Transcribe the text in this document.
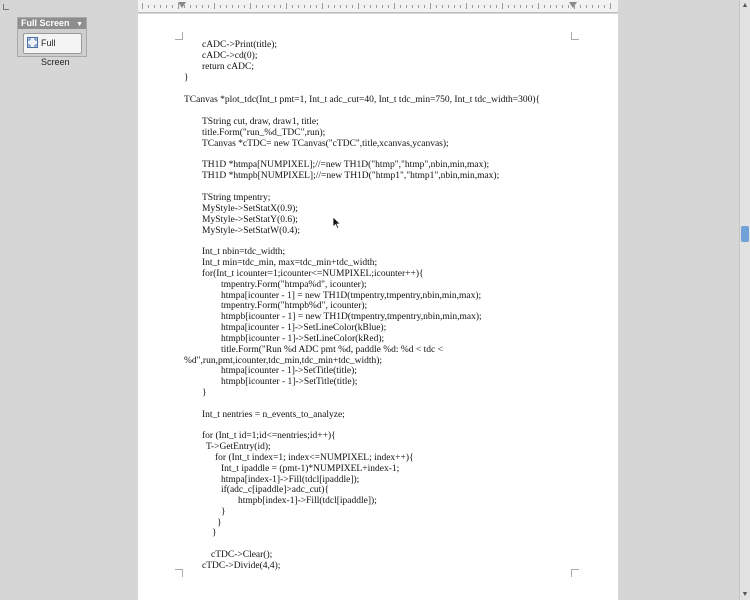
Full Screen ▼
Full Screen
cADC->Print(title);
cADC->cd(0);
return cADC;
}
TCanvas *plot_tdc(Int_t pmt=1, Int_t adc_cut=40, Int_t tdc_min=750, Int_t tdc_width=300){
TString cut, draw, draw1, title;
title.Form("run_%d_TDC",run);
TCanvas *cTDC= new TCanvas("cTDC",title,xcanvas,ycanvas);
TH1D *htmpa[NUMPIXEL];//=new TH1D("htmp","htmp",nbin,min,max);
TH1D *htmpb[NUMPIXEL];//=new TH1D("htmp1","htmp1",nbin,min,max);
TString tmpentry;
MyStyle->SetStatX(0.9);
MyStyle->SetStatY(0.6);
MyStyle->SetStatW(0.4);
Int_t nbin=tdc_width;
Int_t min=tdc_min, max=tdc_min+tdc_width;
for(Int_t icounter=1;icounter<=NUMPIXEL;icounter++){
tmpentry.Form("htmpa%d", icounter);
htmpa[icounter - 1] = new TH1D(tmpentry,tmpentry,nbin,min,max);
tmpentry.Form("htmpb%d", icounter);
htmpb[icounter - 1] = new TH1D(tmpentry,tmpentry,nbin,min,max);
htmpa[icounter - 1]->SetLineColor(kBlue);
htmpb[icounter - 1]->SetLineColor(kRed);
title.Form("Run %d ADC pmt %d, paddle %d: %d < tdc <
%d",run,pmt,icounter,tdc_min,tdc_min+tdc_width);
htmpa[icounter - 1]->SetTitle(title);
htmpb[icounter - 1]->SetTitle(title);
}
Int_t nentries = n_events_to_analyze;
for (Int_t id=1;id<=nentries;id++){
T->GetEntry(id);
for (Int_t index=1; index<=NUMPIXEL; index++){
Int_t ipaddle = (pmt-1)*NUMPIXEL+index-1;
htmpa[index-1]->Fill(tdcl[ipaddle]);
if(adc_c[ipaddle]>adc_cut){
htmpb[index-1]->Fill(tdcl[ipaddle]);
}
}
}
cTDC->Clear();
cTDC->Divide(4,4);
▲
▼
